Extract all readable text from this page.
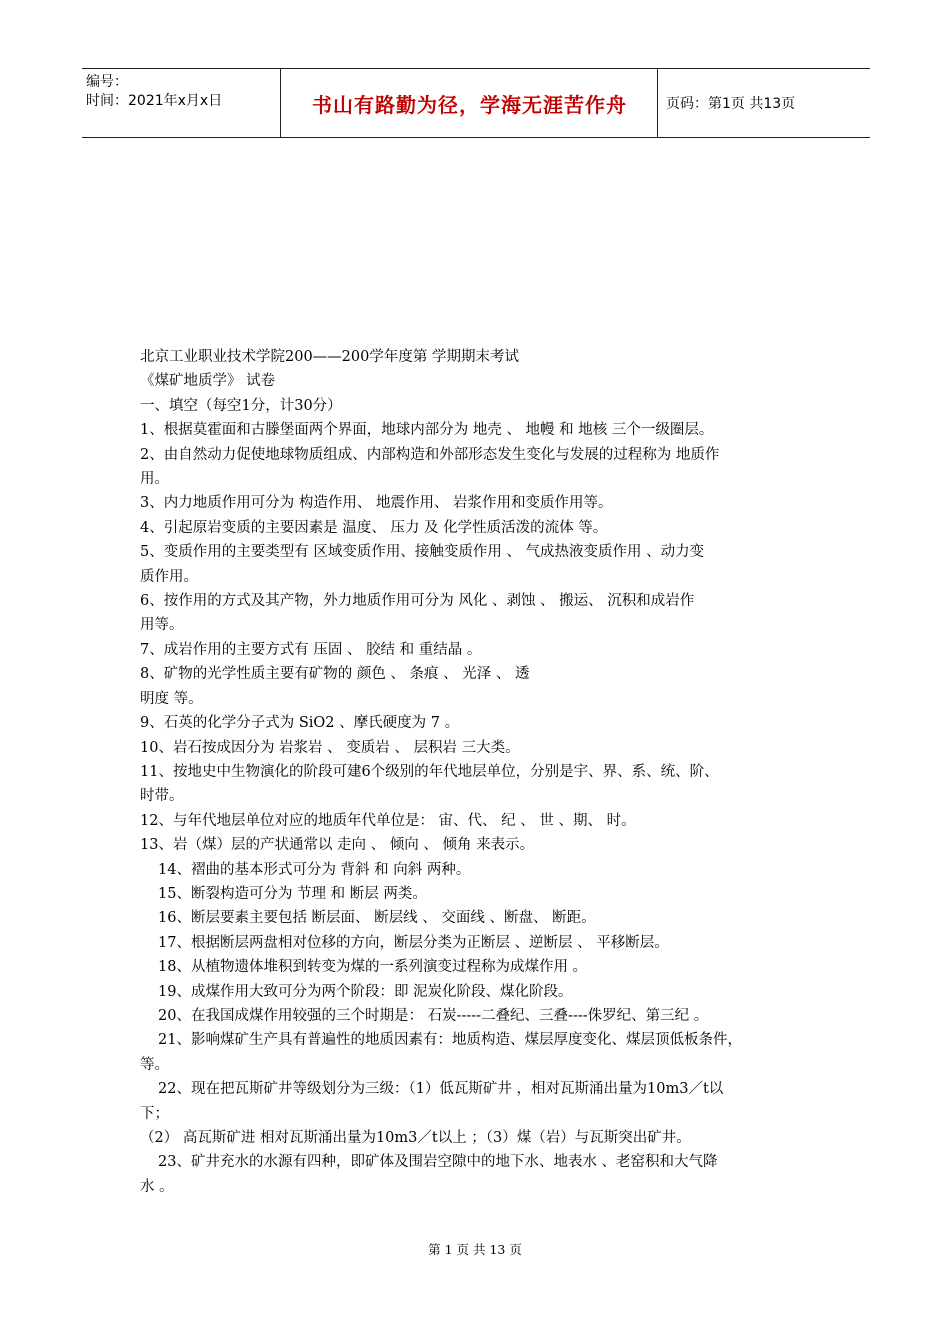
编号：
时间：2021年x月x日	书山有路勤为径，学海无涯苦作舟	页码：第1页 共13页

北京工业职业技术学院200——200学年度第 学期期末考试

《煤矿地质学》 试卷

一、填空（每空1分，计30分）

1、根据莫霍面和古滕堡面两个界面，地球内部分为 地壳 、 地幔 和 地核 三个一级圈层。

2、由自然动力促使地球物质组成、内部构造和外部形态发生变化与发展的过程称为 地质作

用。

3、内力地质作用可分为 构造作用、 地震作用、 岩浆作用和变质作用等。

4、引起原岩变质的主要因素是 温度、 压力 及 化学性质活泼的流体 等。

5、变质作用的主要类型有 区域变质作用、接触变质作用 、 气成热液变质作用 、动力变

质作用。

6、按作用的方式及其产物，外力地质作用可分为 风化 、剥蚀 、 搬运、 沉积和成岩作

用等。

7、成岩作用的主要方式有 压固 、 胶结 和 重结晶 。

8、矿物的光学性质主要有矿物的 颜色 、 条痕 、 光泽 、 透

明度 等。

9、石英的化学分子式为 SiO2 、摩氏硬度为 7 。

10、岩石按成因分为 岩浆岩 、 变质岩 、 层积岩 三大类。

11、按地史中生物演化的阶段可建6个级别的年代地层单位，分别是宇、界、系、统、阶、

时带。

12、与年代地层单位对应的地质年代单位是： 宙、代、 纪 、 世 、期、 时。

13、岩（煤）层的产状通常以 走向 、 倾向 、 倾角 来表示。

14、褶曲的基本形式可分为 背斜 和 向斜 两种。

15、断裂构造可分为 节理 和 断层 两类。

16、断层要素主要包括 断层面、 断层线 、 交面线 、断盘、 断距。

17、根据断层两盘相对位移的方向，断层分类为正断层 、逆断层 、 平移断层。

18、从植物遗体堆积到转变为煤的一系列演变过程称为成煤作用 。

19、成煤作用大致可分为两个阶段：即 泥炭化阶段、煤化阶段。

20、在我国成煤作用较强的三个时期是： 石炭-----二叠纪、三叠----侏罗纪、第三纪 。

21、影响煤矿生产具有普遍性的地质因素有：地质构造、煤层厚度变化、煤层顶低板条件，

等。

22、现在把瓦斯矿井等级划分为三级：（1）低瓦斯矿井 ，相对瓦斯涌出量为10m3／t以

下；

（2） 高瓦斯矿进 相对瓦斯涌出量为10m3／t以上 ；（3）煤（岩）与瓦斯突出矿井。

23、矿井充水的水源有四种，即矿体及围岩空隙中的地下水、地表水 、老窑积和大气降

水 。

第 1 页 共 13 页
